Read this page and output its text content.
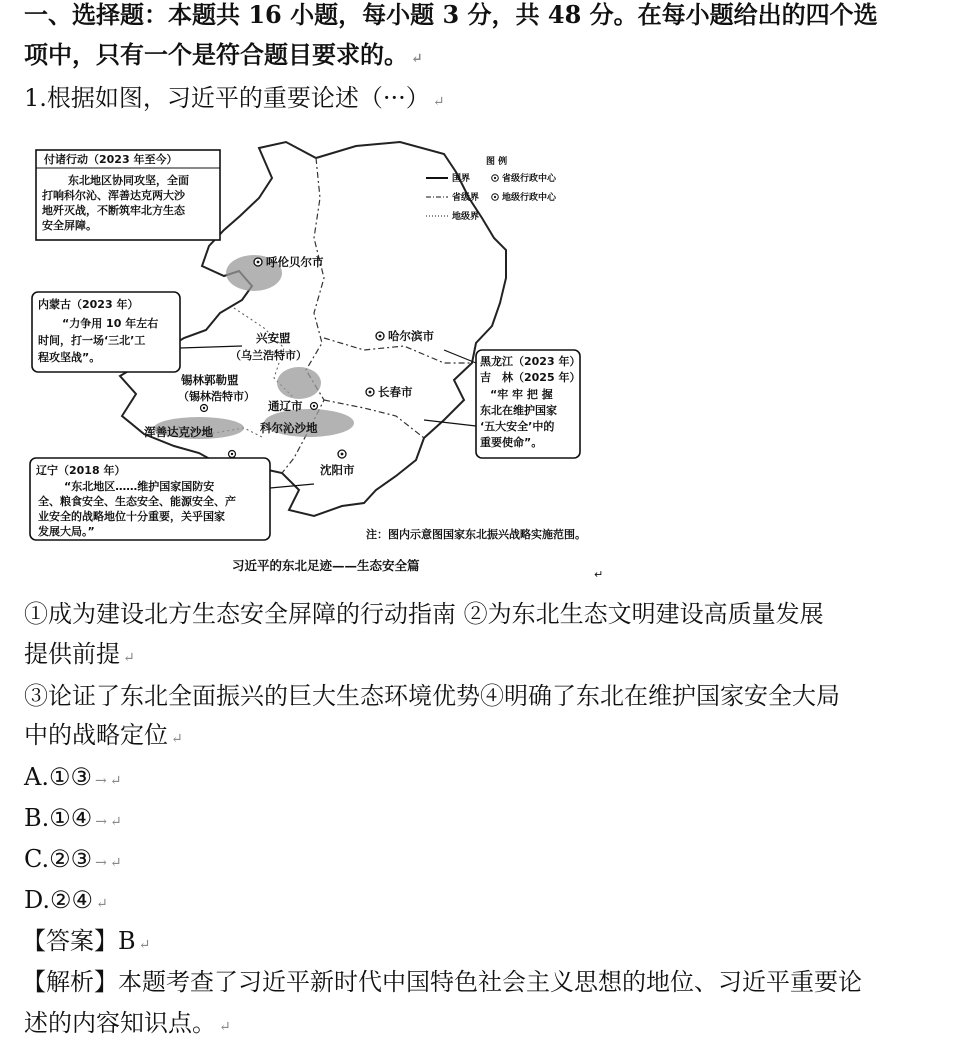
一、选择题：本题共 16 小题，每小题 3 分，共 48 分。在每小题给出的四个选
项中，只有一个是符合题目要求的。 ↵
1.根据如图，习近平的重要论述（···） ↵
呼伦贝尔市
哈尔滨市
兴安盟
（乌兰浩特市）
锡林郭勒盟
（锡林浩特市）
通辽市
长春市
浑善达克沙地	科尔沁沙地
沈阳市
图 例
国界	省级行政中心
省级界	地级行政中心
地级界
付诸行动（2023 年至今）
东北地区协同攻坚，全面
打响科尔沁、浑善达克两大沙
地歼灭战，不断筑牢北方生态
安全屏障。
内蒙古（2023 年）
“力争用 10 年左右
时间，打一场‘三北’工
程攻坚战”。
辽宁（2018 年）
“东北地区……维护国家国防安
全、粮食安全、生态安全、能源安全、产
业安全的战略地位十分重要，关乎国家
发展大局。”
黑龙江（2023 年）
吉　林（2025 年）
“牢 牢 把 握
东北在维护国家
‘五大安全’中的
重要使命”。
注：图内示意图国家东北振兴战略实施范围。
习近平的东北足迹——生态安全篇
↵
①成为建设北方生态安全屏障的行动指南 ②为东北生态文明建设高质量发展
提供前提 ↵
③论证了东北全面振兴的巨大生态环境优势④明确了东北在维护国家安全大局
中的战略定位 ↵
A.①③ → ↵
B.①④ → ↵
C.②③ → ↵
D.②④ ↵
【答案】B ↵
【解析】本题考查了习近平新时代中国特色社会主义思想的地位、习近平重要论
述的内容知识点。 ↵
